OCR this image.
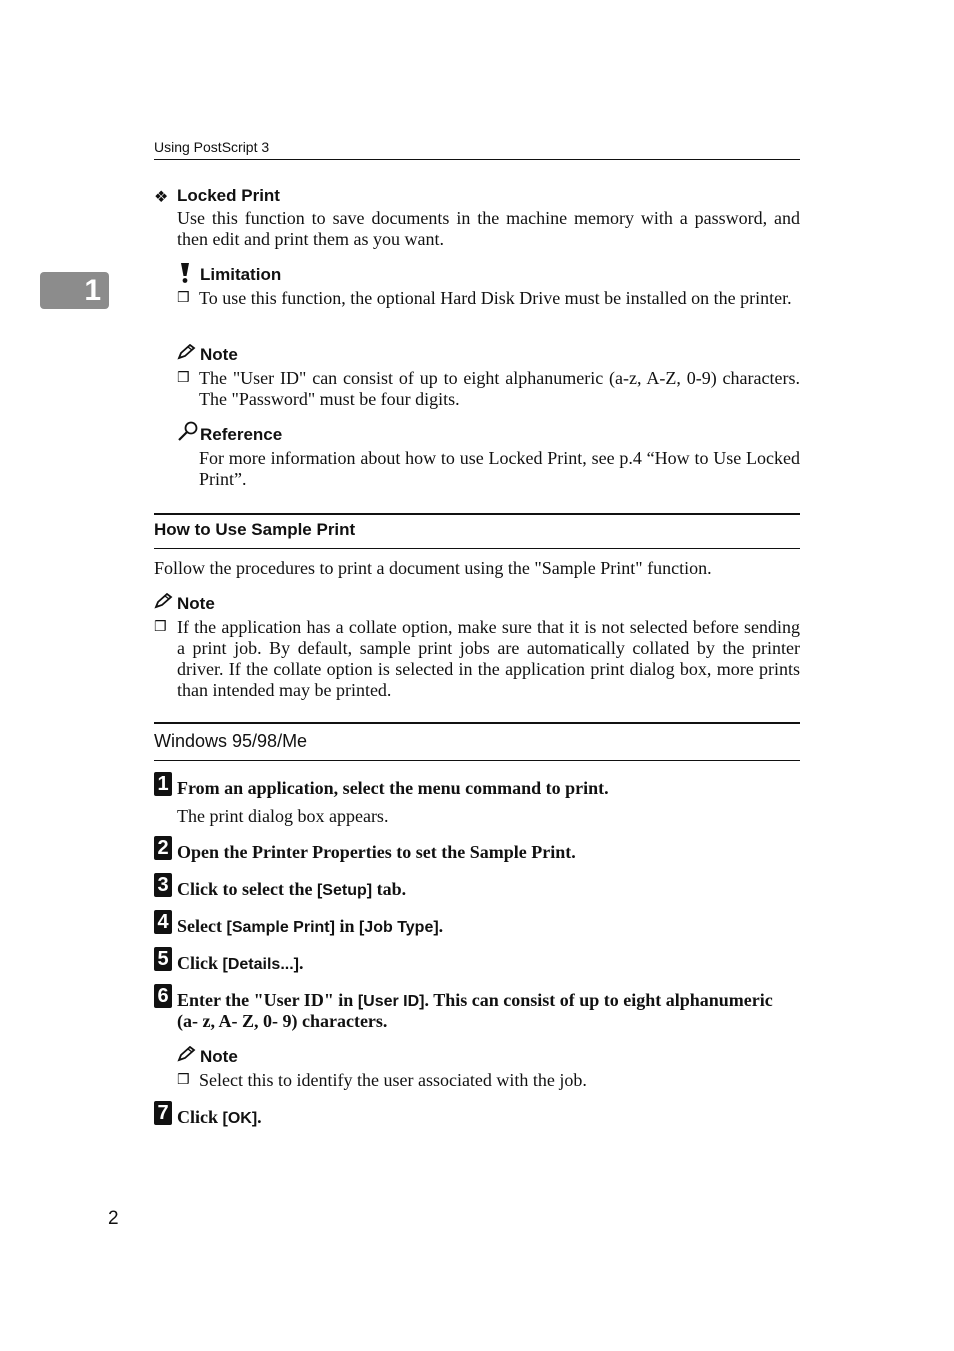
Using PostScript 3
1
❖ Locked Print
Use this function to save documents in the machine memory with a password, and then edit and print them as you want.
Limitation
❒ To use this function, the optional Hard Disk Drive must be installed on the printer.
Note
❒ The "User ID" can consist of up to eight alphanumeric (a-z, A-Z, 0-9) characters. The "Password" must be four digits.
Reference
For more information about how to use Locked Print, see p.4 “How to Use Locked Print”.
How to Use Sample Print
Follow the procedures to print a document using the "Sample Print" function.
Note
❒ If the application has a collate option, make sure that it is not selected before sending a print job. By default, sample print jobs are automatically collated by the printer driver. If the collate option is selected in the application print dialog box, more prints than intended may be printed.
Windows 95/98/Me
1 From an application, select the menu command to print.
The print dialog box appears.
2 Open the Printer Properties to set the Sample Print.
3 Click to select the [Setup] tab.
4 Select [Sample Print] in [Job Type].
5 Click [Details...].
6 Enter the "User ID" in [User ID]. This can consist of up to eight alphanumeric
(a- z, A- Z, 0- 9) characters.
Note
❒ Select this to identify the user associated with the job.
7 Click [OK].
2
